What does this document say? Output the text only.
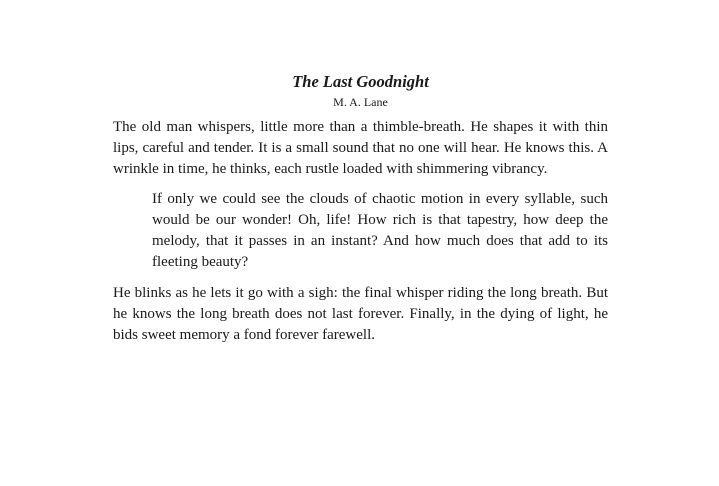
The Last Goodnight
M. A. Lane

The old man whispers, little more than a thimble-breath. He shapes it with thin lips, careful and tender. It is a small sound that no one will hear. He knows this. A wrinkle in time, he thinks, each rustle loaded with shimmering vibrancy.

If only we could see the clouds of chaotic motion in every syllable, such would be our wonder! Oh, life! How rich is that tapestry, how deep the melody, that it passes in an instant? And how much does that add to its fleeting beauty?

He blinks as he lets it go with a sigh: the final whisper riding the long breath. But he knows the long breath does not last forever. Finally, in the dying of light, he bids sweet memory a fond forever farewell.
